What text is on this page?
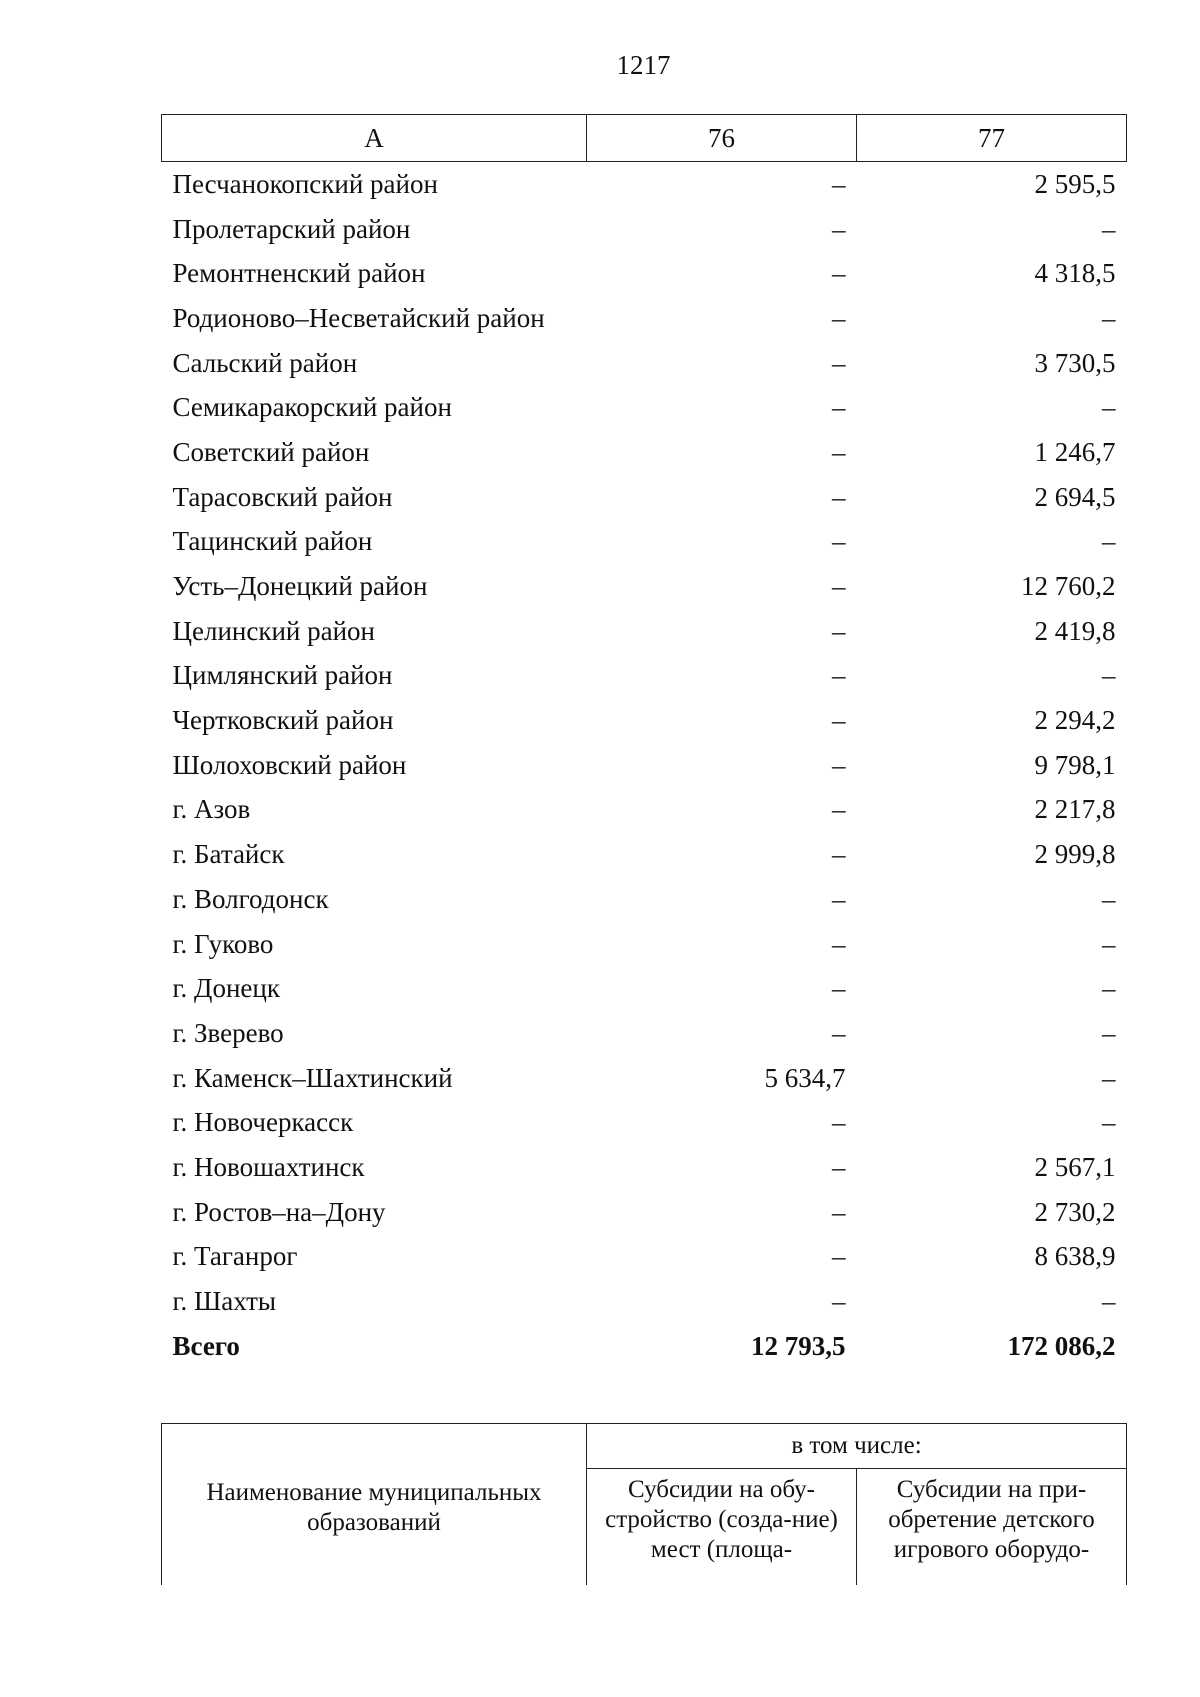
1217
А	76	77
Песчанокопский район	–	2 595,5
Пролетарский район	–	–
Ремонтненский район	–	4 318,5
Родионово–Несветайский район	–	–
Сальский район	–	3 730,5
Семикаракорский район	–	–
Советский район	–	1 246,7
Тарасовский район	–	2 694,5
Тацинский район	–	–
Усть–Донецкий район	–	12 760,2
Целинский район	–	2 419,8
Цимлянский район	–	–
Чертковский район	–	2 294,2
Шолоховский район	–	9 798,1
г. Азов	–	2 217,8
г. Батайск	–	2 999,8
г. Волгодонск	–	–
г. Гуково	–	–
г. Донецк	–	–
г. Зверево	–	–
г. Каменск–Шахтинский	5 634,7	–
г. Новочеркасск	–	–
г. Новошахтинск	–	2 567,1
г. Ростов–на–Дону	–	2 730,2
г. Таганрог	–	8 638,9
г. Шахты	–	–
Всего	12 793,5	172 086,2
Наименование муниципальных образований	в том числе:	
	Субсидии на обу-стройство (созда-ние) мест (площа-	Субсидии на при-обретение детского игрового оборудо-
